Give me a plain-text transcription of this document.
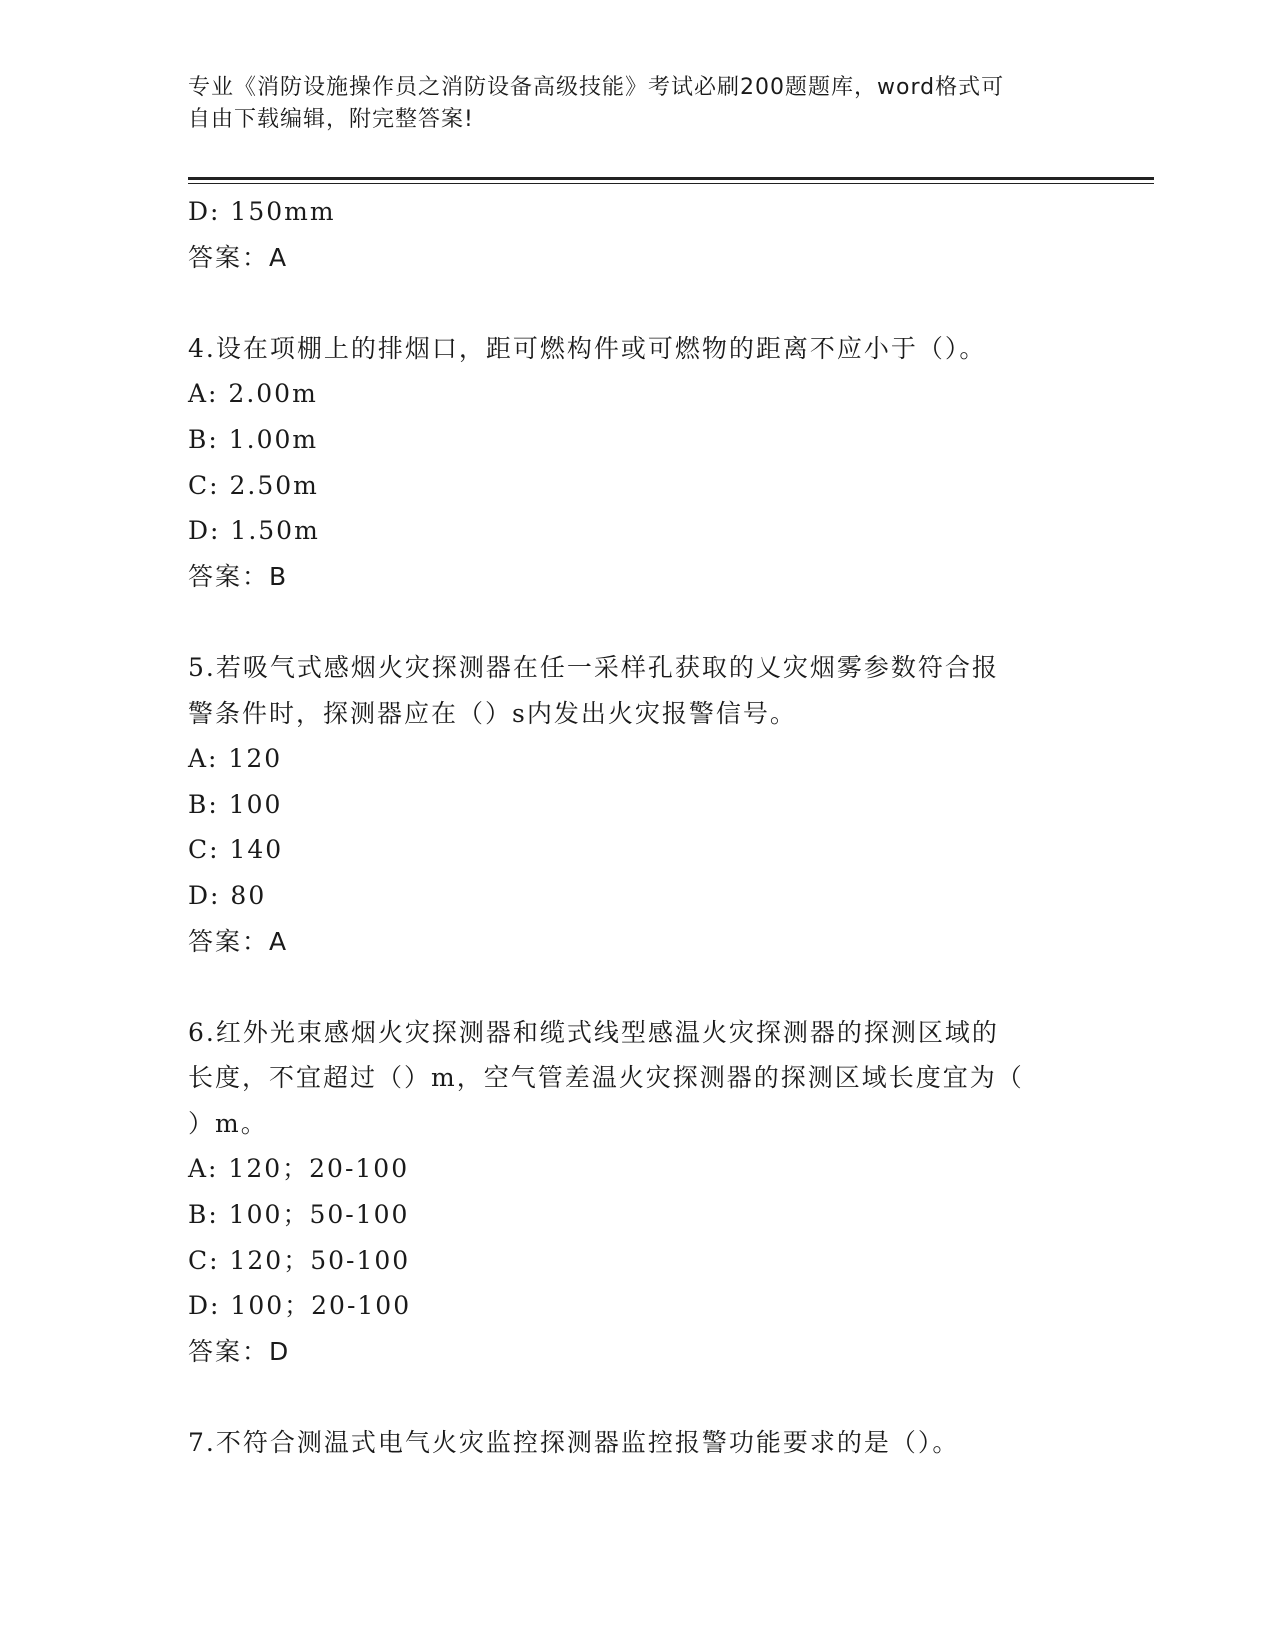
专业《消防设施操作员之消防设备高级技能》考试必刷200题题库，word格式可
自由下载编辑，附完整答案!
D: 150mm
答案：A
4.设在项棚上的排烟口，距可燃构件或可燃物的距离不应小于（）。
A: 2.00m
B: 1.00m
C: 2.50m
D: 1.50m
答案：B
5.若吸气式感烟火灾探测器在任一采样孔获取的乂灾烟雾参数符合报
警条件时，探测器应在（）s内发出火灾报警信号。
A: 120
B: 100
C: 140
D: 80
答案：A
6.红外光束感烟火灾探测器和缆式线型感温火灾探测器的探测区域的
长度，不宜超过（）m，空气管差温火灾探测器的探测区域长度宜为（
）m。
A: 120；20-100
B: 100；50-100
C: 120；50-100
D: 100；20-100
答案：D
7.不符合测温式电气火灾监控探测器监控报警功能要求的是（）。
